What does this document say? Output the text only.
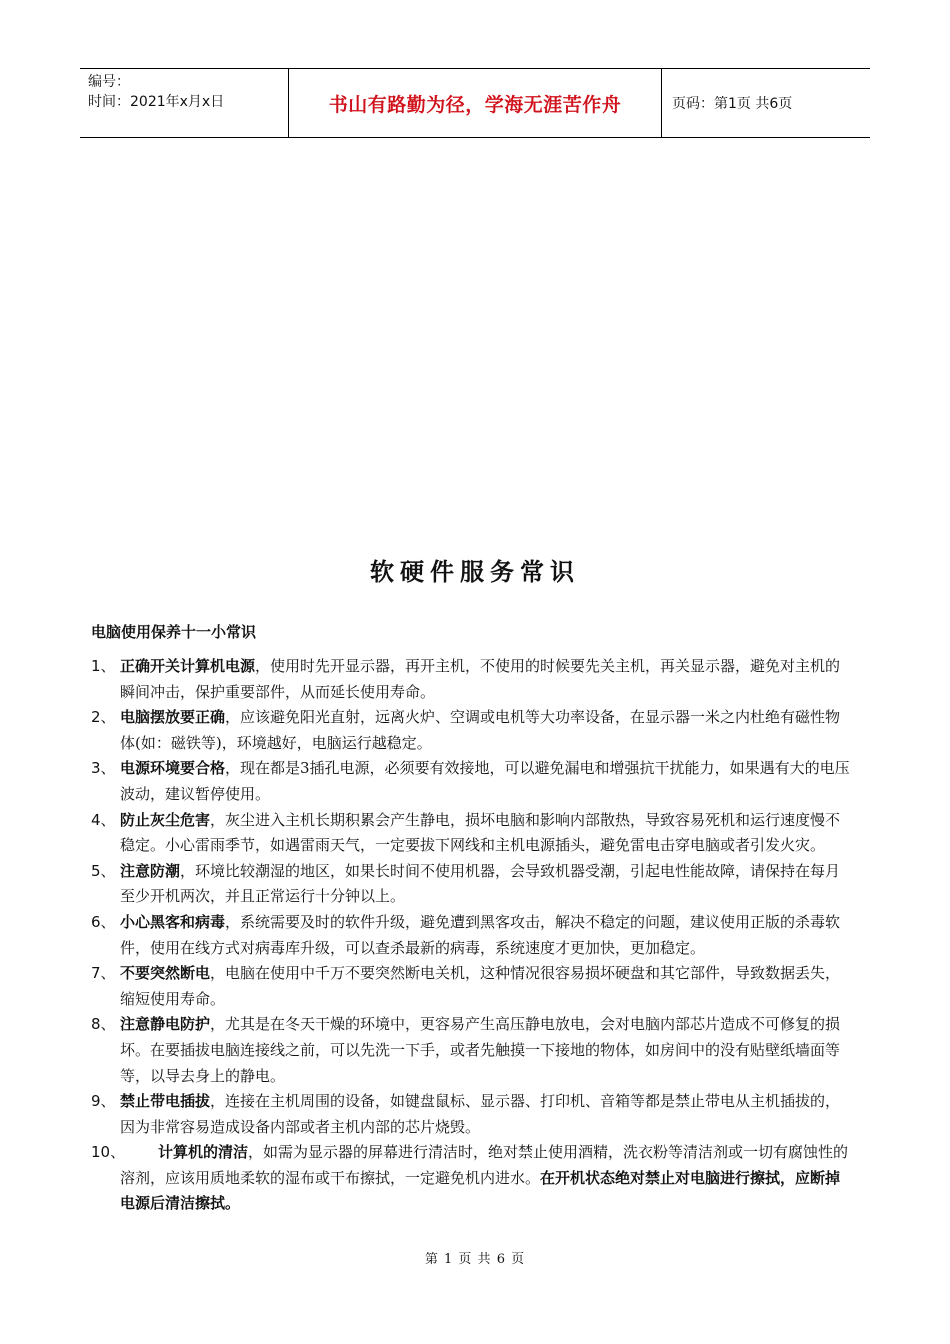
编号：
时间：2021年x月x日	书山有路勤为径，学海无涯苦作舟	页码：第1页 共6页
软硬件服务常识
电脑使用保养十一小常识
1、 正确开关计算机电源，使用时先开显示器，再开主机，不使用的时候要先关主机，再关显示器，避免对主机的瞬间冲击，保护重要部件，从而延长使用寿命。
2、 电脑摆放要正确，应该避免阳光直射，远离火炉、空调或电机等大功率设备，在显示器一米之内杜绝有磁性物体(如：磁铁等)，环境越好，电脑运行越稳定。
3、 电源环境要合格，现在都是3插孔电源，必须要有效接地，可以避免漏电和增强抗干扰能力，如果遇有大的电压波动，建议暂停使用。
4、 防止灰尘危害，灰尘进入主机长期积累会产生静电，损坏电脑和影响内部散热，导致容易死机和运行速度慢不稳定。小心雷雨季节，如遇雷雨天气，一定要拔下网线和主机电源插头，避免雷电击穿电脑或者引发火灾。
5、 注意防潮，环境比较潮湿的地区，如果长时间不使用机器，会导致机器受潮，引起电性能故障，请保持在每月至少开机两次，并且正常运行十分钟以上。
6、 小心黑客和病毒，系统需要及时的软件升级，避免遭到黑客攻击，解决不稳定的问题，建议使用正版的杀毒软件，使用在线方式对病毒库升级，可以查杀最新的病毒，系统速度才更加快，更加稳定。
7、 不要突然断电，电脑在使用中千万不要突然断电关机，这种情况很容易损坏硬盘和其它部件，导致数据丢失，缩短使用寿命。
8、 注意静电防护，尤其是在冬天干燥的环境中，更容易产生高压静电放电，会对电脑内部芯片造成不可修复的损坏。在要插拔电脑连接线之前，可以先洗一下手，或者先触摸一下接地的物体，如房间中的没有贴壁纸墙面等等，以导去身上的静电。
9、 禁止带电插拔，连接在主机周围的设备，如键盘鼠标、显示器、打印机、音箱等都是禁止带电从主机插拔的，因为非常容易造成设备内部或者主机内部的芯片烧毁。
10、 计算机的清洁，如需为显示器的屏幕进行清洁时，绝对禁止使用酒精，洗衣粉等清洁剂或一切有腐蚀性的溶剂，应该用质地柔软的湿布或干布擦拭，一定避免机内进水。在开机状态绝对禁止对电脑进行擦拭，应断掉电源后清洁擦拭。
第 1 页 共 6 页
